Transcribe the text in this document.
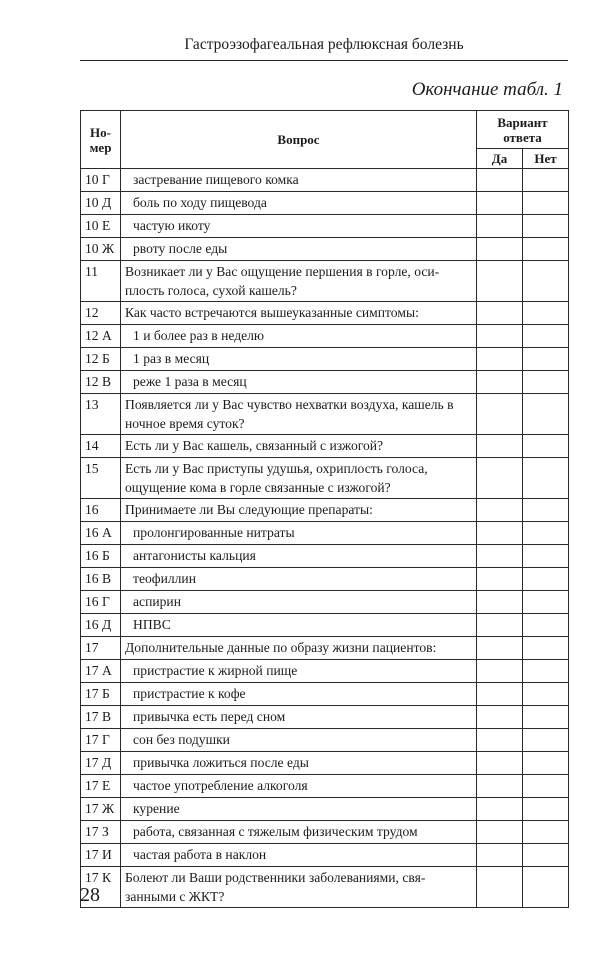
Гастроэзофагеальная рефлюксная болезнь
Окончание табл. 1
Но-
мер	Вопрос	Вариант
ответа	
		Да	Нет
10 Г	застревание пищевого комка		
10 Д	боль по ходу пищевода		
10 Е	частую икоту		
10 Ж	рвоту после еды		
11	Возникает ли у Вас ощущение першения в горле, оси-плость голоса, сухой кашель?		
12	Как часто встречаются вышеуказанные симптомы:		
12 А	1 и более раз в неделю		
12 Б	1 раз в месяц		
12 В	реже 1 раза в месяц		
13	Появляется ли у Вас чувство нехватки воздуха, кашель в ночное время суток?		
14	Есть ли у Вас кашель, связанный с изжогой?		
15	Есть ли у Вас приступы удушья, охриплость голоса, ощущение кома в горле связанные с изжогой?		
16	Принимаете ли Вы следующие препараты:		
16 А	пролонгированные нитраты		
16 Б	антагонисты кальция		
16 В	теофиллин		
16 Г	аспирин		
16 Д	НПВС		
17	Дополнительные данные по образу жизни пациентов:		
17 А	пристрастие к жирной пище		
17 Б	пристрастие к кофе		
17 В	привычка есть перед сном		
17 Г	сон без подушки		
17 Д	привычка ложиться после еды		
17 Е	частое употребление алкоголя		
17 Ж	курение		
17 З	работа, связанная с тяжелым физическим трудом		
17 И	частая работа в наклон		
17 К	Болеют ли Ваши родственники заболеваниями, свя-занными с ЖКТ?		
28
